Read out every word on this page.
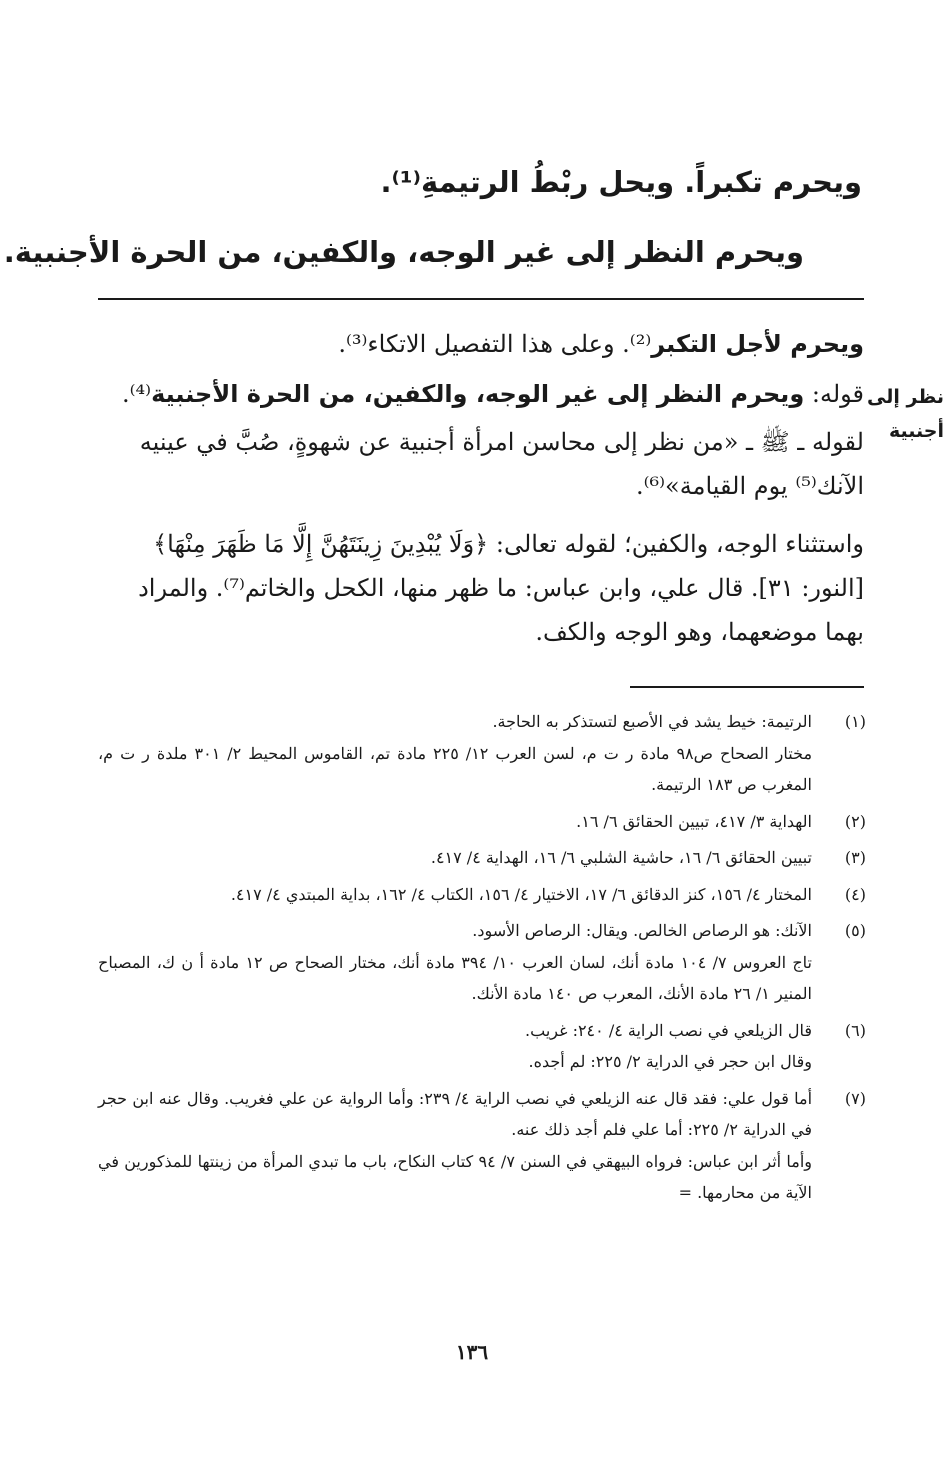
ويحرم تكبراً. ويحل ربْطُ الرتيمةِ⁽¹⁾.
ويحرم النظر إلى غير الوجه، والكفين، من الحرة الأجنبية.
نظر إلى
أجنبية
ويحرم لأجل التكبر⁽²⁾. وعلى هذا التفصيل الاتكاء⁽³⁾.
قوله: ويحرم النظر إلى غير الوجه، والكفين، من الحرة الأجنبية⁽⁴⁾.
لقوله ـ ﷺ ـ «من نظر إلى محاسن امرأة أجنبية عن شهوةٍ، صُبَّ في عينيه الآنك⁽⁵⁾ يوم القيامة»⁽⁶⁾.
واستثناء الوجه، والكفين؛ لقوله تعالى: ﴿وَلَا يُبْدِينَ زِينَتَهُنَّ إِلَّا مَا ظَهَرَ مِنْهَا﴾ [النور: ٣١]. قال علي، وابن عباس: ما ظهر منها، الكحل والخاتم⁽⁷⁾. والمراد بهما موضعهما، وهو الوجه والكف.
(١)
الرتيمة: خيط يشد في الأصبع لتستذكر به الحاجة.
مختار الصحاح ص٩٨ مادة ر ت م، لسن العرب ١٢/ ٢٢٥ مادة تم، القاموس المحيط ٢/ ٣٠١ ملدة ر ت م، المغرب ص ١٨٣ الرتيمة.
(٢)
الهداية ٣/ ٤١٧، تبيين الحقائق ٦/ ١٦.
(٣)
تبيين الحقائق ٦/ ١٦، حاشية الشلبي ٦/ ١٦، الهداية ٤/ ٤١٧.
(٤)
المختار ٤/ ١٥٦، كنز الدقائق ٦/ ١٧، الاختيار ٤/ ١٥٦، الكتاب ٤/ ١٦٢، بداية المبتدي ٤/ ٤١٧.
(٥)
الآنك: هو الرصاص الخالص. ويقال: الرصاص الأسود.
تاج العروس ٧/ ١٠٤ مادة أنك، لسان العرب ١٠/ ٣٩٤ مادة أنك، مختار الصحاح ص ١٢ مادة أ ن ك، المصباح المنير ١/ ٢٦ مادة الأنك، المعرب ص ١٤٠ مادة الأنك.
(٦)
قال الزيلعي في نصب الراية ٤/ ٢٤٠: غريب.
وقال ابن حجر في الدراية ٢/ ٢٢٥: لم أجده.
(٧)
أما قول علي: فقد قال عنه الزيلعي في نصب الراية ٤/ ٢٣٩: وأما الرواية عن علي فغريب. وقال عنه ابن حجر في الدراية ٢/ ٢٢٥: أما علي فلم أجد ذلك عنه.
وأما أثر ابن عباس: فرواه البيهقي في السنن ٧/ ٩٤ كتاب النكاح، باب ما تبدي المرأة من زينتها للمذكورين في الآية من محارمها. =
١٣٦
